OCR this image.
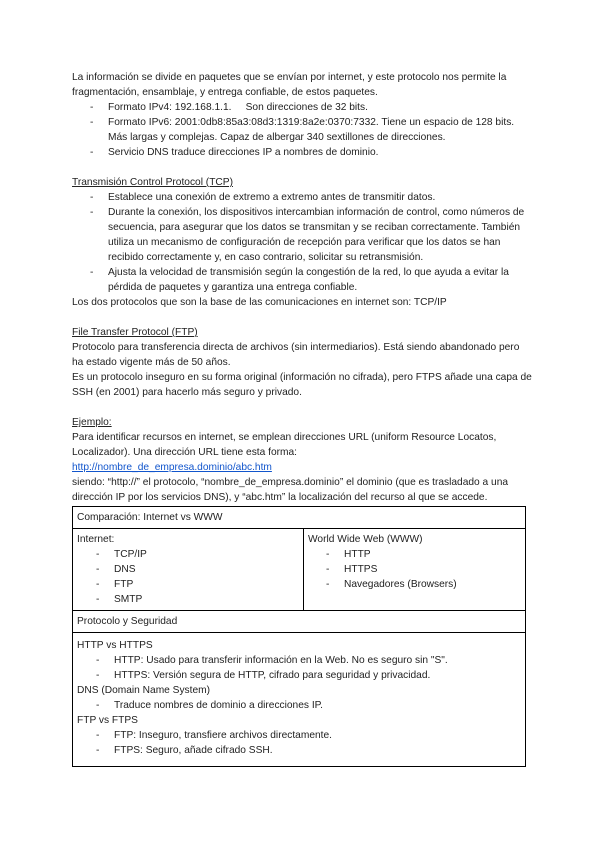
La información se divide en paquetes que se envían por internet, y este protocolo nos permite la fragmentación, ensamblaje, y entrega confiable, de estos paquetes.

- Formato IPv4: 192.168.1.1.     Son direcciones de 32 bits.
- Formato IPv6: 2001:0db8:85a3:08d3:1319:8a2e:0370:7332. Tiene un espacio de 128 bits. Más largas y complejas. Capaz de albergar 340 sextillones de direcciones.
- Servicio DNS traduce direcciones IP a nombres de dominio.

Transmisión Control Protocol (TCP)

- Establece una conexión de extremo a extremo antes de transmitir datos.
- Durante la conexión, los dispositivos intercambian información de control, como números de secuencia, para asegurar que los datos se transmitan y se reciban correctamente. También utiliza un mecanismo de configuración de recepción para verificar que los datos se han recibido correctamente y, en caso contrario, solicitar su retransmisión.
- Ajusta la velocidad de transmisión según la congestión de la red, lo que ayuda a evitar la pérdida de paquetes y garantiza una entrega confiable.

Los dos protocolos que son la base de las comunicaciones en internet son: TCP/IP

File Transfer Protocol (FTP)

Protocolo para transferencia directa de archivos (sin intermediarios). Está siendo abandonado pero ha estado vigente más de 50 años.

Es un protocolo inseguro en su forma original (información no cifrada), pero FTPS añade una capa de SSH (en 2001) para hacerlo más seguro y privado.

Ejemplo:

Para identificar recursos en internet, se emplean direcciones URL (uniform Resource Locatos, Localizador). Una dirección URL tiene esta forma:

http://nombre_de_empresa.dominio/abc.htm

siendo: “http://” el protocolo, “nombre_de_empresa.dominio” el dominio (que es trasladado a una dirección IP por los servicios DNS), y “abc.htm” la localización del recurso al que se accede.

Comparación: Internet vs WWW

Internet:
- TCP/IP
- DNS
- FTP
- SMTP

World Wide Web (WWW)
- HTTP
- HTTPS
- Navegadores (Browsers)

Protocolo y Seguridad

HTTP vs HTTPS
- HTTP: Usado para transferir información en la Web. No es seguro sin "S".
- HTTPS: Versión segura de HTTP, cifrado para seguridad y privacidad.
DNS (Domain Name System)
- Traduce nombres de dominio a direcciones IP.
FTP vs FTPS
- FTP: Inseguro, transfiere archivos directamente.
- FTPS: Seguro, añade cifrado SSH.
